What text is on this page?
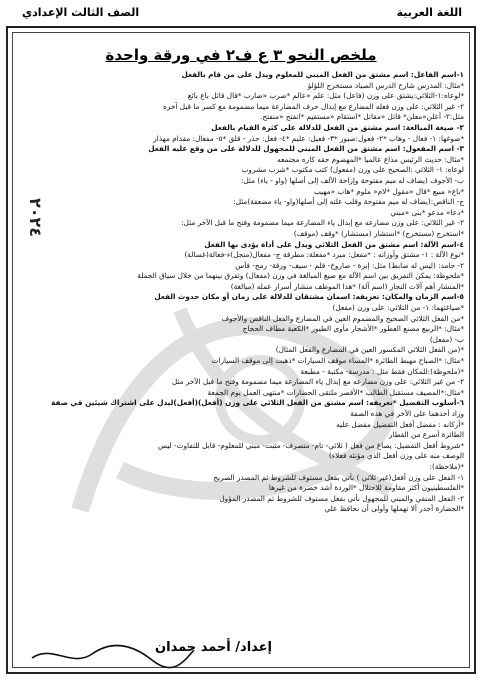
الصف الثالث الإعدادي	اللغة العربية
ملخص النحو ٣ ع ف٢ في ورقة واحدة
٢٠٢٤
١-اسم الفاعل: اسم مشتق من الفعل المبني للمعلوم ويدل على من قام بالفعل
*مثال: المدرس شارح الدرس الصياد مستخرج اللؤلؤ
*لوعاه:١-الثلاثي:يشتق على وزن (فاعل) مثل: علم «عالم *ضرب «ضارب *قال قائل باع بائع
٢- غير الثلاثي: على وزن فعله المضارع مع إبدال حرف المضارعة ميما مضمومة مع كسر ما قبل آخره
مثل:٢- أعلن«معلن* قاتل «مقاتل *استقام «مستقيم *انفتح «منفتح.
٢- صيغة المبالغة: اسم مشتق من الفعل للدلالة على كثرة القيام بالفعل
*صوغها: ١- فعال - وهاب *٢- فعول:صبور *٣- فعيل: عليم *٤- فعل: حذر - قلق *٥- مفعال: مقدام مهذار
٣- اسم المفعول: اسم مشتق من الفعل المبني للمجهول للدلالة على من وقع عليه الفعل
*مثال: حديث الرئيس مذاع عالميا *المهضوم حقه كاره مجتمعه
لوعاه: ١- الثلاثي :الصحيح على وزن (مفعول) كتب مكتوب *شرب مشروب
ب- الأجوف (يضاف له ميم مفتوحة وإزاحة الألف إلى أصلها (واو - ياء) مثل:
*باع« مبيع *قال «مقول *لام« ملوم *هاب «مهيب
ج- الناقص:(يضاف له ميم مفتوحة وقلب علته إلى أصلها(واو- ياء مضعفة)مثل:
*دعا« مدعو *بنى «مبني
٢- غير الثلاثي: على وزن مضارعه مع إبدال ياء المضارعة ميما مضمومة وفتح ما قبل الآخر مثل:
*استخرج (مستخرج) *استشار (مستشار) *وقف (موقف)
٤-اسم الآلة: اسم مشتق من الفعل الثلاثي ويدل على أداة يؤدى بها الفعل
*نوع الآلة : ١- مشتق وأوزانه : *مفعل: مبرد *مفعلة: مطرقة ج- مفعال(منجل)ء-فعالة(غسالة)
٢- جامد: (ليس له ضابط) مثل: إبرة - صاروخ- قلم - سيف- ورقة- رمح- فأس
*ملحوظة: يمكن التفريق بين اسم الآلة مع صيغ المبالغة في وزن (مفعال) وتفرق بينهما من خلال سياق الجملة
*المنشار أهم آلات النجار (اسم آلة) *هذا الموظف منشار أسرار عمله (مبالغة)
٥-اسم الزمان والمكان: تعريفه: اسمان مشتقان للدلالة على زمان أو مكان حدوث الفعل
*صياغتهما: ١- من الثلاثي: على وزن (مفعل)
*من الفعل الثلاثي الصحيح والمضموم العين في المضارع والفعل الناقص والأجوف
*مثال: *الربيع مصنع العطور *الأشجار مأوى الطيور *الكعبة مطاف الحجاج
ب- (مفعل)
*(من الفعل الثلاثي المكسور العين في المضارع والفعل المثال)
*مثال: *الصباح مهبط الطائرة *المساء موقف السيارات *ذهبت إلى موقف السيارات
*(ملحوظة):للمكان فقط مثل : مدرسة- مكتبة - مطبعة
٢- من غير الثلاثي: على وزن مضارعه مع إبدال ياء المضارعة ميما مضمومة وفتح ما قبل الآخر مثل
*مثال:*المصيف مستقبل الطالب *الأقصر ملتقى الحضارات *منتهى العمل يوم الجمعة
٦-أسلوب التفضيل *تعريفه: اسم مشتق من الفعل الثلاثي على وزن (أفعل)(أفعل)ليدل على اشتراك شيئين في صفة
وزاد أحدهما على الآخر في هذه الصفة
*أركانه : مفضل أفعل التفضيل مفضل عليه
الطائرة أسرع من القطار
*شروط أفعل التفضيل: يصاغ من فعل ( ثلاثي- تام- متصرف- مثبت- مبني للمعلوم- قابل للتفاوت- ليس
الوصف منه على وزن أفعل الذي مؤنثه فعلاء)
*(ملاحظة):
١- الفعل على وزن أفعل(غير ثلاثي ) نأتي بفعل مستوف للشروط ثم المصدر الصريح
*الفلسطينيون أكثر مقاومة للاحتلال *الوردة أشد خضرة من غيرها
٢- الفعل المنفي والمبني للمجهول نأتي بفعل مستوف للشروط ثم المصدر المؤول
*الحضارة أجدر ألا تهملها وأولى أن نحافظ علي
إعداد/ أحمد حمدان
